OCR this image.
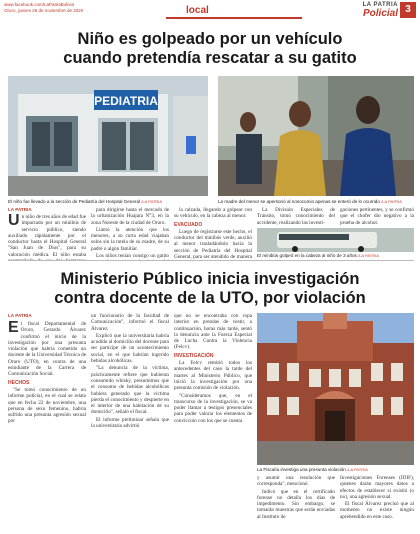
www.facebook.com/LaPatriaBolivia
Oruro, jueves 26 de noviembre de 2020	local	LA PATRIA
Policial 3
Niño es golpeado por un vehículo
cuando pretendía rescatar a su gatito
PEDIATRIA
El niño fue llevado a la sección de Pediatría del Hospital General /LA PATRIA	La madre del menor se apersonó al nosocomio apenas se enteró de lo ocurrido /LA PATRIA
LA PATRIA

Un niño de tres años de edad fue impactado por un minibús de servicio público, siendo auxiliado rápidamente por el conductor hasta el Hospital General "San Juan de Dios", para su valoración médica. El niño estaba

para dirigirse hasta el mercado de la urbanización Huajara N°3, en la zona Noreste de la ciudad de Oruro.

Llamó la atención que los menores, a su corta edad viajaban solos sin la tutela de su madre, de su padre o algún familiar.

Los niños tenían consigo un gatito

la calzada, llegando a golpear con su vehículo, en la cabeza al menor.

EVACUADO

Luego de registrarse este hecho, el conductor del minibús verde, auxilió al menor trasladándolo hacia la sección de Pediatría del Hospital General, para ser atendido de manera

La División Especiales de Tránsito, tomó conocimiento del accidente, realizando las investi-

gaciones pertinentes, y se confirmó que el chofer dio negativo a la prueba de alcohol.

El minibús golpeó en la cabeza al niño de 3 años /LA PATRIA
Ministerio Público inicia investigación
contra docente de la UTO, por violación
LA PATRIA

El fiscal Departamental de Oruro, Gerardo Álvarez confirmó el inicio de la investigación por una presunta violación que habría cometido un docente de la Universidad Técnica de Oruro (UTO), en contra de una estudiante de la Carrera de Comunicación Social.

HECHOS

"Se tomó conocimiento de un informe policial, en el cual se relata que en fecha 22 de noviembre, una persona de sexo femenino, habría sufrido una presunta agresión sexual por

un funcionario de la facultad de Comunicación", informó el fiscal Álvarez.

Explicó que la universitaria habría acudido al domicilio del docente para ser partícipe de un acontecimiento social, en el que habrían ingerido bebidas alcohólicas.

"La denuncia de la víctima, prácticamente refiere que hubieran consumido whisky, presumimos que el consumo de bebidas alcohólicas hubiera generado que la víctima pierda el conocimiento y despierte en el interior de una habitación de su domicilio", señaló el fiscal.

El informe preliminar señala que la universitaria advirtió

que no se encontraba con ropa interior en prendas de vestir, a continuación, horas más tarde, sentó la denuncia ante la Fuerza Especial de Lucha Contra la Violencia (Felcv).

INVESTIGACIÓN

La Felcv remitió todos los antecedentes del caso la tarde del martes al Ministerio Público, que inició la investigación por una presunta comisión de violación.

"Consideramos que, en el transcurso de la investigación, se va poder llamar a testigos presenciales para poder valorar los elementos de convicción con los que se cuenta

La Fiscalía investiga una presunta violación /LA PATRIA

y asumir una resolución que corresponda", mencionó.

Indicó que en el certificado forense no detalla los días de impedimento. Sin embargo, se tomarán muestras que serán enviadas al Instituto de

Investigaciones Forenses (IDIF), quienes darán mayores datos a efectos de establecer si existió (o no), una agresión sexual.

El fiscal Álvarez precisó que al momento no existe ningún aprehendido en este caso.
